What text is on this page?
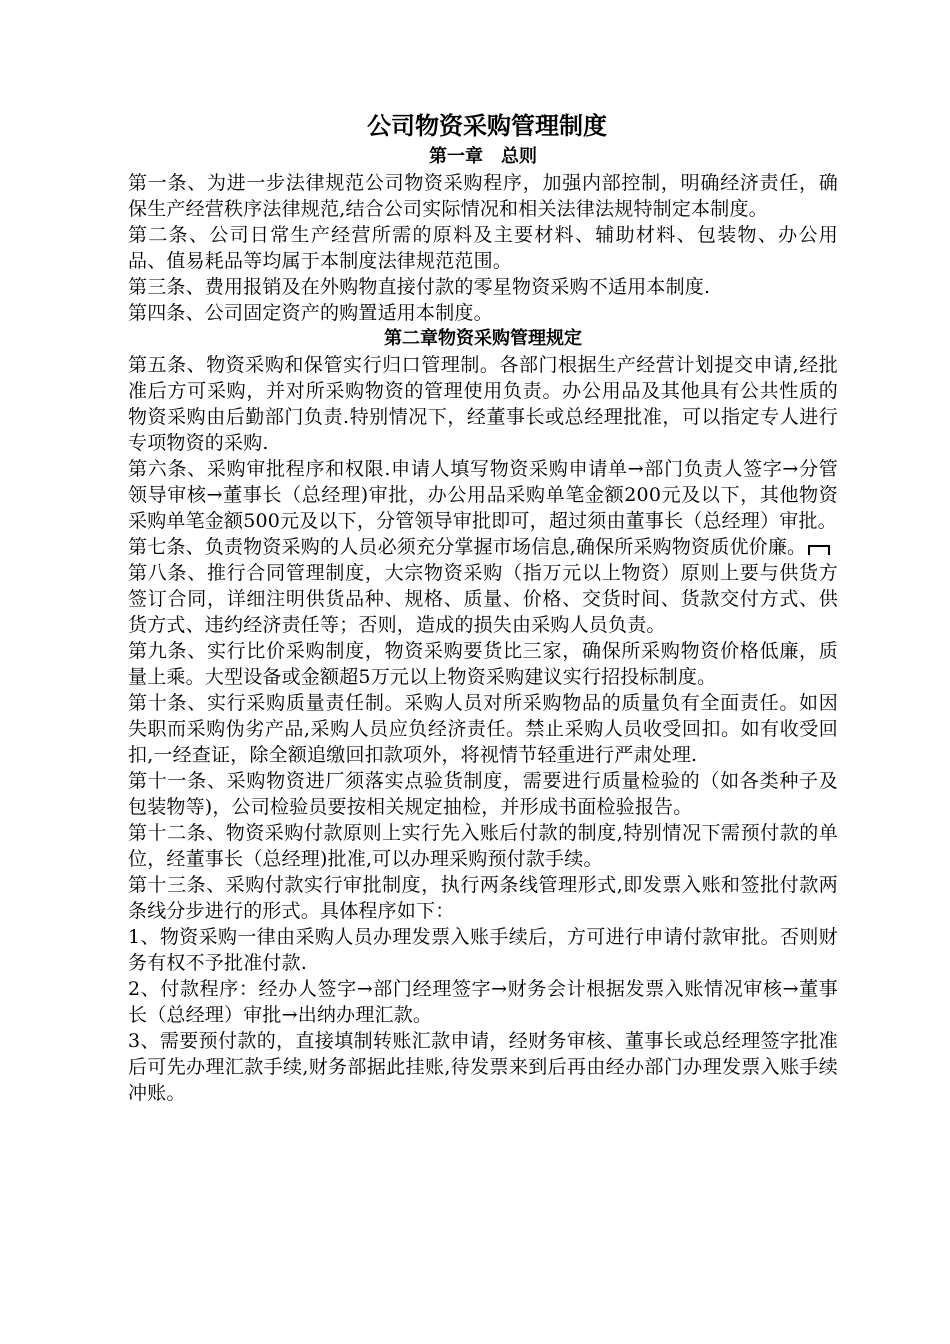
公司物资采购管理制度
第一章　总则

第一条、为进一步法律规范公司物资采购程序，加强内部控制，明确经济责任，确保生产经营秩序法律规范,结合公司实际情况和相关法律法规特制定本制度。

第二条、公司日常生产经营所需的原料及主要材料、辅助材料、包装物、办公用品、值易耗品等均属于本制度法律规范范围。

第三条、费用报销及在外购物直接付款的零星物资采购不适用本制度.

第四条、公司固定资产的购置适用本制度。

第二章物资采购管理规定

第五条、物资采购和保管实行归口管理制。各部门根据生产经营计划提交申请,经批准后方可采购，并对所采购物资的管理使用负责。办公用品及其他具有公共性质的物资采购由后勤部门负责.特别情况下，经董事长或总经理批准，可以指定专人进行专项物资的采购.

第六条、采购审批程序和权限.申请人填写物资采购申请单→部门负责人签字→分管领导审核→董事长（总经理)审批，办公用品采购单笔金额200元及以下，其他物资采购单笔金额500元及以下，分管领导审批即可，超过须由董事长（总经理）审批。

第七条、负责物资采购的人员必须充分掌握市场信息,确保所采购物资质优价廉。

第八条、推行合同管理制度，大宗物资采购（指万元以上物资）原则上要与供货方签订合同，详细注明供货品种、规格、质量、价格、交货时间、货款交付方式、供货方式、违约经济责任等；否则，造成的损失由采购人员负责。

第九条、实行比价采购制度，物资采购要货比三家，确保所采购物资价格低廉，质量上乘。大型设备或金额超5万元以上物资采购建议实行招投标制度。

第十条、实行采购质量责任制。采购人员对所采购物品的质量负有全面责任。如因失职而采购伪劣产品,采购人员应负经济责任。禁止采购人员收受回扣。如有收受回扣,一经查证，除全额追缴回扣款项外，将视情节轻重进行严肃处理.

第十一条、采购物资进厂须落实点验货制度，需要进行质量检验的（如各类种子及包装物等)，公司检验员要按相关规定抽检，并形成书面检验报告。

第十二条、物资采购付款原则上实行先入账后付款的制度,特别情况下需预付款的单位，经董事长（总经理)批准,可以办理采购预付款手续。

第十三条、采购付款实行审批制度，执行两条线管理形式,即发票入账和签批付款两条线分步进行的形式。具体程序如下：

1、物资采购一律由采购人员办理发票入账手续后，方可进行申请付款审批。否则财务有权不予批准付款.

2、付款程序：经办人签字→部门经理签字→财务会计根据发票入账情况审核→董事长（总经理）审批→出纳办理汇款。

3、需要预付款的，直接填制转账汇款申请，经财务审核、董事长或总经理签字批准后可先办理汇款手续,财务部据此挂账,待发票来到后再由经办部门办理发票入账手续冲账。
